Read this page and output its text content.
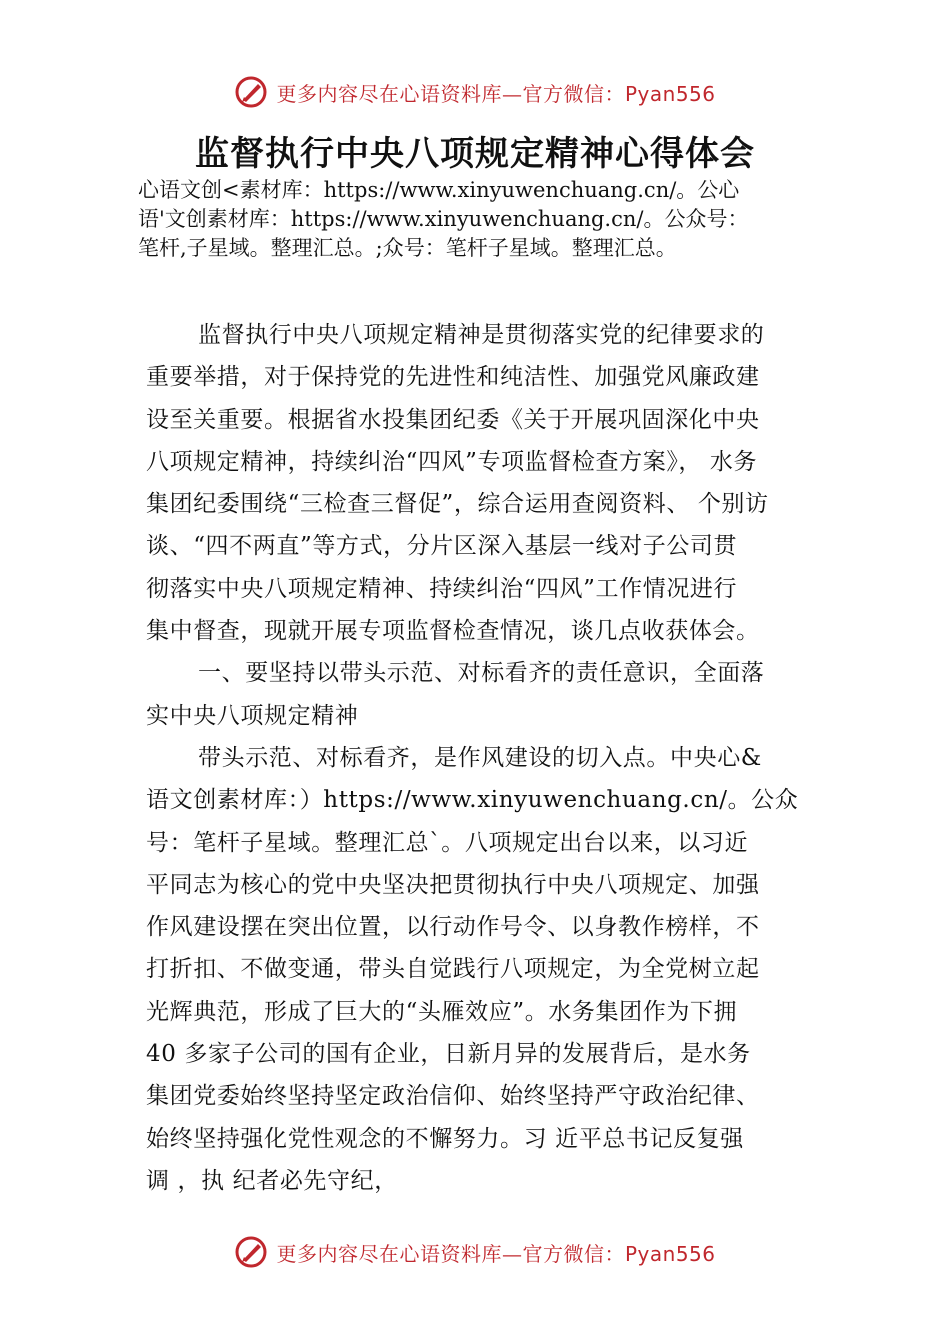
更多内容尽在心语资料库—官方微信：Pyan556
监督执行中央八项规定精神心得体会
心语文创<素材库：https://www.xinyuwenchuang.cn/。公心
语'文创素材库：https://www.xinyuwenchuang.cn/。公众号：
笔杆,子星域。整理汇总。;众号：笔杆子星域。整理汇总。
监督执行中央八项规定精神是贯彻落实党的纪律要求的
重要举措，对于保持党的先进性和纯洁性、加强党风廉政建
设至关重要。根据省水投集团纪委《关于开展巩固深化中央
八项规定精神，持续纠治“四风”专项监督检查方案》， 水务
集团纪委围绕“三检查三督促”，综合运用查阅资料、 个别访
谈、“四不两直”等方式，分片区深入基层一线对子公司贯
彻落实中央八项规定精神、持续纠治“四风”工作情况进行
集中督查，现就开展专项监督检查情况，谈几点收获体会。
一、要坚持以带头示范、对标看齐的责任意识，全面落
实中央八项规定精神
带头示范、对标看齐，是作风建设的切入点。中央心&
语文创素材库：）https://www.xinyuwenchuang.cn/。公众
号：笔杆子星域。整理汇总`。八项规定出台以来，以习近
平同志为核心的党中央坚决把贯彻执行中央八项规定、加强
作风建设摆在突出位置，以行动作号令、以身教作榜样，不
打折扣、不做变通，带头自觉践行八项规定，为全党树立起
光辉典范，形成了巨大的“头雁效应”。水务集团作为下拥
40 多家子公司的国有企业，日新月异的发展背后，是水务
集团党委始终坚持坚定政治信仰、始终坚持严守政治纪律、
始终坚持强化党性观念的不懈努力。习 近平总书记反复强
调 ，执 纪者必先守纪，
更多内容尽在心语资料库—官方微信：Pyan556
